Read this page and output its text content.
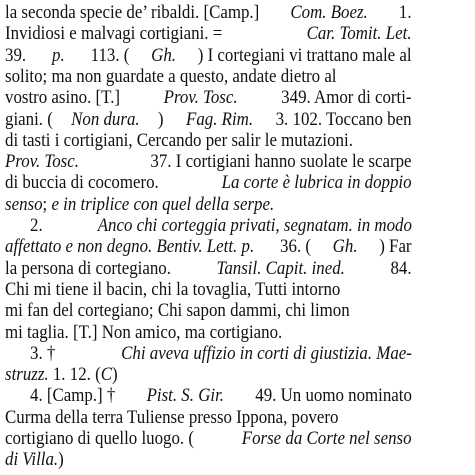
la seconda specie de’ ribaldi. [Camp.] Com. Boez. 1.
Invidiosi e malvagi cortigiani. =	Car. Tomit. Let.
39. p. 113. ( Gh. ) I cortegiani vi trattano male al
solito; ma non guardate a questo, andate dietro al
vostro asino. [T.] Prov. Tosc. 349. Amor di corti-
giani. ( Non dura. ) Fag. Rim. 3. 102. Toccano ben
di tasti i cortigiani, Cercando per salir le mutazioni.
Prov. Tosc.	37. I cortigiani hanno suolate le scarpe
di buccia di cocomero.	La corte è lubrica in doppio
senso ; e in triplice con quel della serpe.
2.	Anco chi corteggia privati, segnatam. in modo
affettato e non degno. Bentiv. Lett. p. 36. ( Gh. ) Far
la persona di cortegiano. Tansil. Capit. ined. 84.
Chi mi tiene il bacin, chi la tovaglia, Tutti intorno
mi fan del cortegiano; Chi sapon dammi, chi limon
mi taglia. [T.] Non amico, ma cortigiano.
3. †	Chi aveva uffizio in corti di giustizia. Mae-
struzz. 1. 12. ( C )
4. [Camp.] † Pist. S. Gir. 49. Un uomo nominato
Curma della terra Tuliense presso Ippona, povero
cortigiano di quello luogo. ( Forse da Corte nel senso
di Villa. )
